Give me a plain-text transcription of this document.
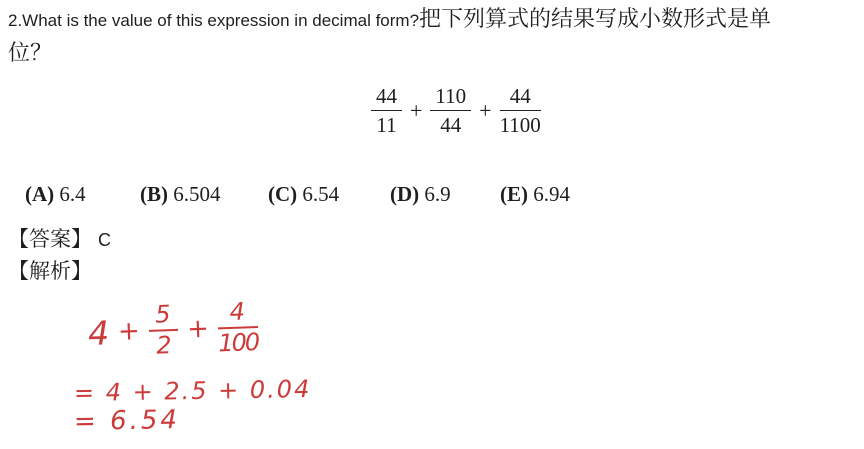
2.What is the value of this expression in decimal form?把下列算式的结果写成小数形式是单
位？
$\frac{44}{11} + \frac{110}{44} + \frac{44}{1100}$
(A) 6.4	(B) 6.504 (C) 6.54 (D) 6.9 (E) 6.94
【答案】 C
【解析】
$4 + \frac{5}{2} + \frac{4}{100}$
= 4 + 2.5 + 0.04
= 6.54
